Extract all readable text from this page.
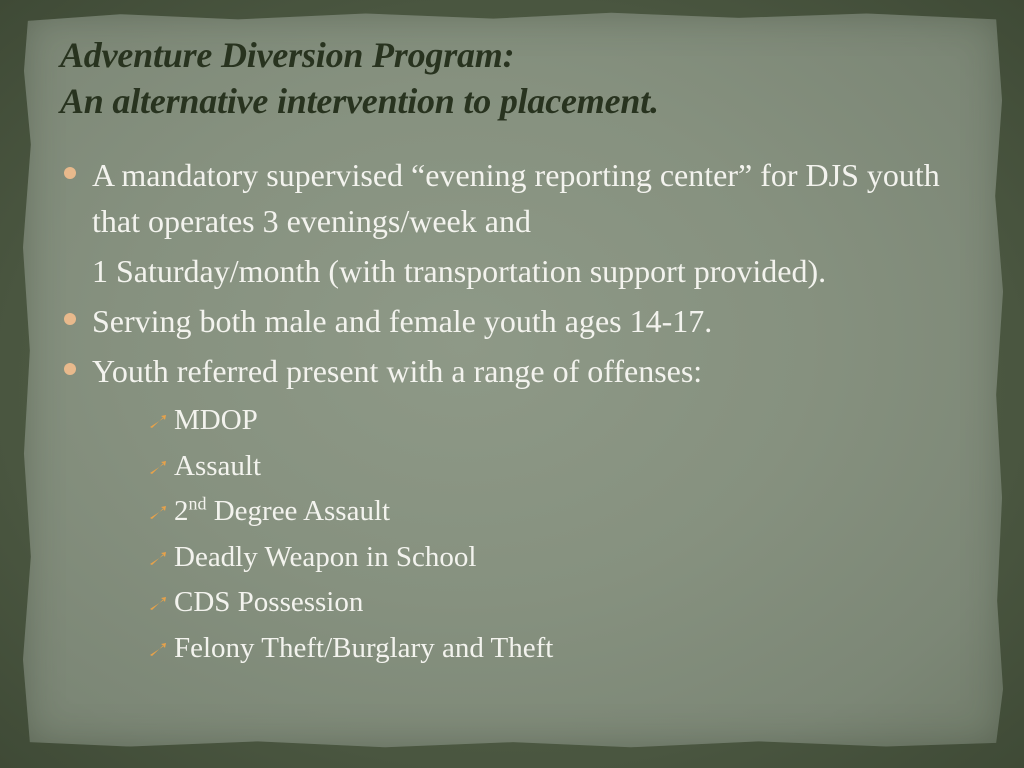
Adventure Diversion Program:
An alternative intervention to placement.
A mandatory supervised “evening reporting center” for DJS youth that operates 3 evenings/week and
1 Saturday/month (with transportation support provided).
Serving both male and female youth ages 14-17.
Youth referred present with a range of offenses:
MDOP
Assault
2nd Degree Assault
Deadly Weapon in School
CDS Possession
Felony Theft/Burglary and Theft
